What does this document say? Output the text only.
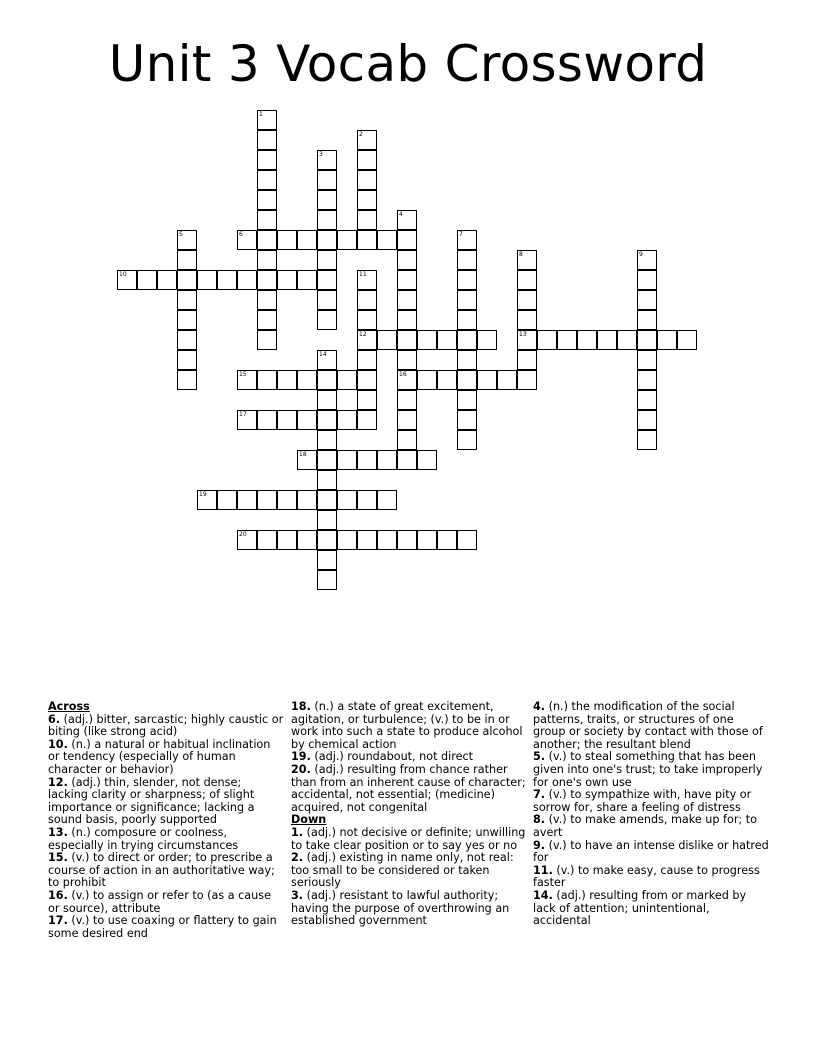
Unit 3 Vocab Crossword
6
10
12	13
15	16
17
18
19
20
1
2
3
4
5	7
8	9
11
14
Across
6. (adj.) bitter, sarcastic; highly caustic or biting (like strong acid)
10. (n.) a natural or habitual inclination or tendency (especially of human character or behavior)
12. (adj.) thin, slender, not dense; lacking clarity or sharpness; of slight importance or significance; lacking a sound basis, poorly supported
13. (n.) composure or coolness, especially in trying circumstances
15. (v.) to direct or order; to prescribe a course of action in an authoritative way; to prohibit
16. (v.) to assign or refer to (as a cause or source), attribute
17. (v.) to use coaxing or flattery to gain some desired end
18. (n.) a state of great excitement, agitation, or turbulence; (v.) to be in or work into such a state to produce alcohol by chemical action
19. (adj.) roundabout, not direct
20. (adj.) resulting from chance rather than from an inherent cause of character; accidental, not essential; (medicine) acquired, not congenital
Down
1. (adj.) not decisive or definite; unwilling to take clear position or to say yes or no
2. (adj.) existing in name only, not real: too small to be considered or taken seriously
3. (adj.) resistant to lawful authority; having the purpose of overthrowing an established government
4. (n.) the modification of the social patterns, traits, or structures of one group or society by contact with those of another; the resultant blend
5. (v.) to steal something that has been given into one's trust; to take improperly for one's own use
7. (v.) to sympathize with, have pity or sorrow for, share a feeling of distress
8. (v.) to make amends, make up for; to avert
9. (v.) to have an intense dislike or hatred for
11. (v.) to make easy, cause to progress faster
14. (adj.) resulting from or marked by lack of attention; unintentional, accidental
